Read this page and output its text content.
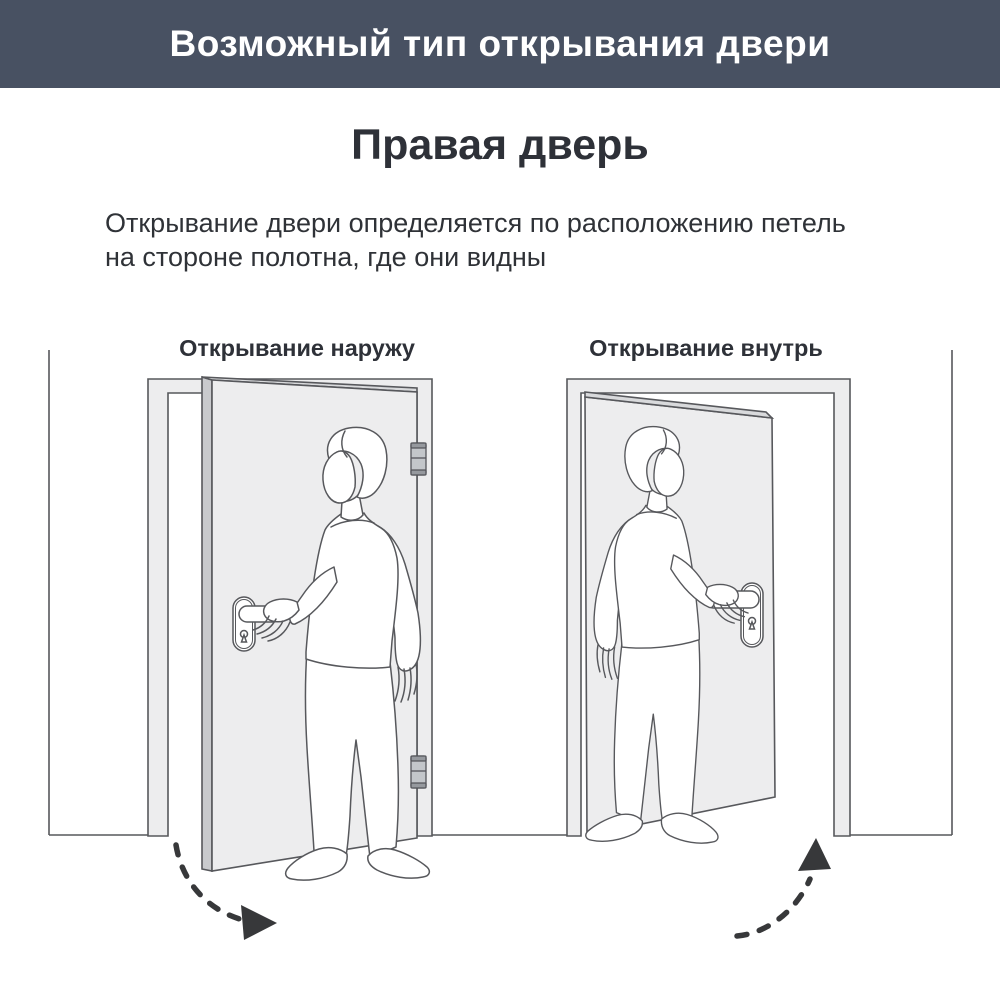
Возможный тип открывания двери
Правая дверь
Открывание двери определяется по расположению петель
на стороне полотна, где они видны
Открывание наружу	Открывание внутрь
